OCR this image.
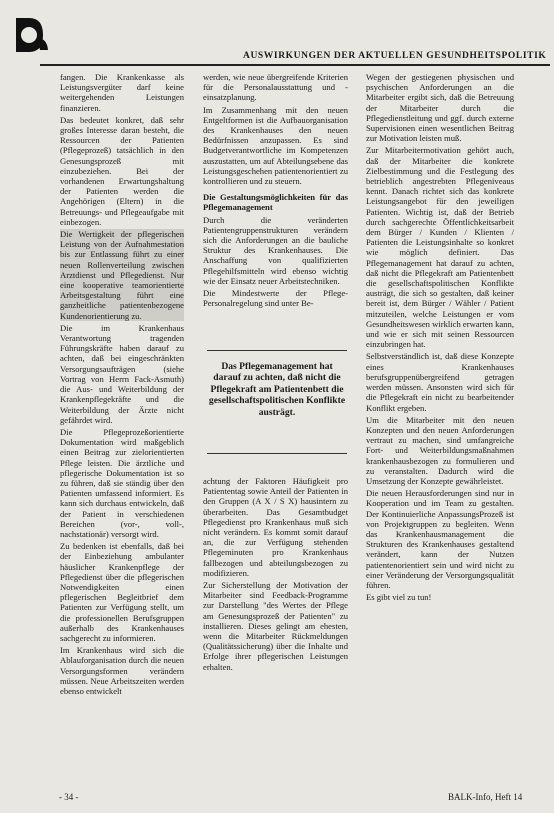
AUSWIRKUNGEN DER AKTUELLEN GESUNDHEITSPOLITIK

fangen. Die Krankenkasse als Leistungsvergüter darf keine weitergehenden Leistungen finanzieren.

Das bedeutet konkret, daß sehr großes Interesse daran besteht, die Ressourcen der Patienten (Pflegeprozeß) tatsächlich in den Genesungsprozeß mit einzubeziehen. Bei der vorhandenen Erwartungshaltung der Patienten werden die Angehörigen (Eltern) in die Betreuungs- und Pflegeaufgabe mit einbezogen.

Die Wertigkeit der pflegerischen Leistung von der Aufnahmestation bis zur Entlassung führt zu einer neuen Rollenverteilung zwischen Arztdienst und Pflegedienst. Nur eine kooperative teamorientierte Arbeitsgestaltung führt eine ganzheitliche patientenbezogene Kundenorientierung zu.

Die im Krankenhaus Verantwortung tragenden Führungskräfte haben darauf zu achten, daß bei eingeschränkten Versorgungsaufträgen (siehe Vortrag von Herrn Fack-Asmuth) die Aus- und Weiterbildung der Krankenpflegekräfte und die Weiterbildung der Ärzte nicht gefährdet wird.

Die Pflegeprozeßorientierte Dokumentation wird maßgeblich einen Beitrag zur zielorientierten Pflege leisten. Die ärztliche und pflegerische Dokumentation ist so zu führen, daß sie ständig über den Patienten umfassend informiert. Es kann sich durchaus entwickeln, daß der Patient in verschiedenen Bereichen (vor-, voll-, nachstationär) versorgt wird.

Zu bedenken ist ebenfalls, daß bei der Einbeziehung ambulanter häuslicher Krankenpflege der Pflegedienst über die pflegerischen Notwendigkeiten einen pflegerischen Begleitbrief dem Patienten zur Verfügung stellt, um die professionellen Berufsgruppen außerhalb des Krankenhauses sachgerecht zu informieren.

Im Krankenhaus wird sich die Ablauforganisation durch die neuen Versorgungsformen verändern müssen. Neue Arbeitszeiten werden ebenso entwickelt

werden, wie neue übergreifende Kriterien für die Personalausstattung und -einsatzplanung.

Im Zusammenhang mit den neuen Entgeltformen ist die Aufbauorganisation des Krankenhauses den neuen Bedürfnissen anzupassen. Es sind Budgetverantwortliche im Kompetenzen auszustatten, um auf Abteilungsebene das Leistungsgeschehen patientenorientiert zu kontrollieren und zu steuern.

Die Gestaltungsmöglichkeiten für das Pflegemanagement

Durch die veränderten Patientengruppenstrukturen verändern sich die Anforderungen an die bauliche Struktur des Krankenhauses. Die Anschaffung von qualifizierten Pflegehilfsmitteln wird ebenso wichtig wie der Einsatz neuer Arbeitstechniken.

Die Mindestwerte der Pflege-Personalregelung sind unter Be-

Das Pflegemanagement hat darauf zu achten, daß nicht die Pflegekraft am Patientenbett die gesellschaftspolitischen Konflikte austrägt.

achtung der Faktoren Häufigkeit pro Patiententag sowie Anteil der Patienten in den Gruppen (A X / S X) hausintern zu überarbeiten. Das Gesamtbudget Pflegedienst pro Krankenhaus muß sich nicht verändern. Es kommt somit darauf an, die zur Verfügung stehenden Pflegeminuten pro Krankenhaus fallbezogen und abteilungsbezogen zu modifizieren.

Zur Sicherstellung der Motivation der Mitarbeiter sind Feedback-Programme zur Darstellung "des Wertes der Pflege am Genesungsprozeß der Patienten" zu installieren. Dieses gelingt am ehesten, wenn die Mitarbeiter Rückmeldungen (Qualitätssicherung) über die Inhalte und Erfolge ihrer pflegerischen Leistungen erhalten.

Wegen der gestiegenen physischen und psychischen Anforderungen an die Mitarbeiter ergibt sich, daß die Betreuung der Mitarbeiter durch die Pflegedienstleitung und ggf. durch externe Supervisionen einen wesentlichen Beitrag zur Motivation leisten muß.

Zur Mitarbeitermotivation gehört auch, daß der Mitarbeiter die konkrete Zielbestimmung und die Festlegung des betrieblich angestrebten Pflegeniveaus kennt. Danach richtet sich das konkrete Leistungsangebot für den jeweiligen Patienten. Wichtig ist, daß der Betrieb durch sachgerechte Öffentlichkeitsarbeit dem Bürger / Kunden / Klienten / Patienten die Leistungsinhalte so konkret wie möglich definiert. Das Pflegemanagement hat darauf zu achten, daß nicht die Pflegekraft am Patientenbett die gesellschaftspolitischen Konflikte austrägt, die sich so gestalten, daß keiner bereit ist, dem Bürger / Wähler / Patient mitzuteilen, welche Leistungen er vom Gesundheitswesen wirklich erwarten kann, und wie er sich mit seinen Ressourcen einzubringen hat.

Selbstverständlich ist, daß diese Konzepte eines Krankenhauses berufsgruppenübergreifend getragen werden müssen. Ansonsten wird sich für die Pflegekraft ein nicht zu bearbeitender Konflikt ergeben.

Um die Mitarbeiter mit den neuen Konzepten und den neuen Anforderungen vertraut zu machen, sind umfangreiche Fort- und Weiterbildungsmaßnahmen krankenhausbezogen zu formulieren und zu veranstalten. Dadurch wird die Umsetzung der Konzepte gewährleistet.

Die neuen Herausforderungen sind nur in Kooperation und im Team zu gestalten. Der Kontinuierliche AnpassungsProzeß ist von Projektgruppen zu begleiten. Wenn das Krankenhausmanagement die Strukturen des Krankenhauses gestaltend verändert, kann der Nutzen patientenorientiert sein und wird nicht zu einer Veränderung der Versorgungsqualität führen.

Es gibt viel zu tun!

- 34 -	BALK-Info, Heft 14
